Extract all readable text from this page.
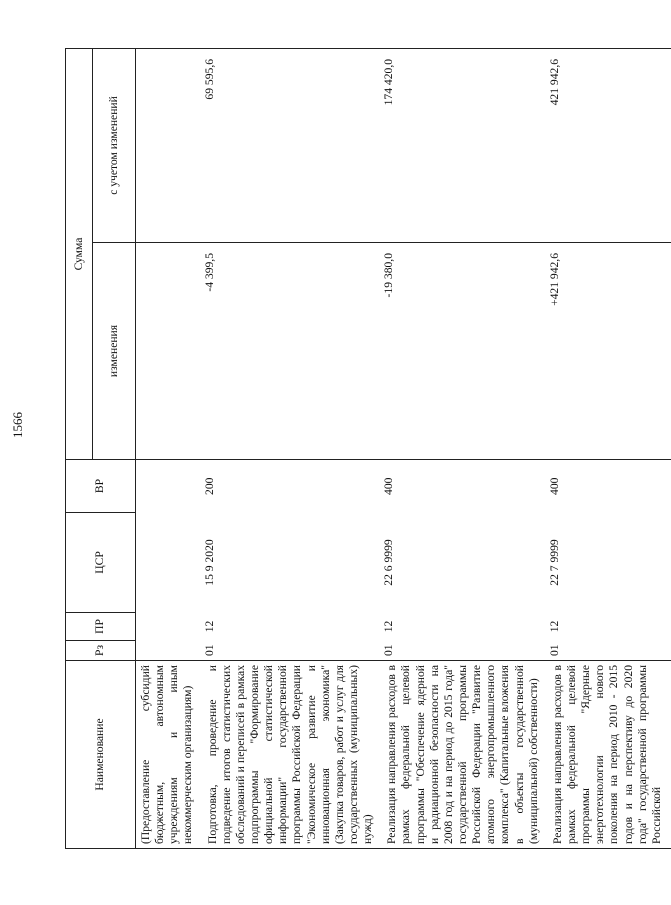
1566
Наименование	Рз	ПР	ЦСР	ВР	Сумма	
					изменения	с учетом изменений
(Предоставление субсидий бюджетным, автономным учреждениям и иным некоммерческим организациям)						
Подготовка, проведение и подведение итогов статистических обследований и переписей в рамках подпрограммы "Формирование официальной статистической информации" государственной программы Российской Федерации "Экономическое развитие и инновационная экономика" (Закупка товаров, работ и услуг для государственных (муниципальных) нужд)	01	12	15 9 2020	200	-4 399,5	69 595,6
Реализация направления расходов в рамках федеральной целевой программы "Обеспечение ядерной и радиационной безопасности на 2008 год и на период до 2015 года" государственной программы Российской Федерации "Развитие атомного энергопромышленного комплекса" (Капитальные вложения в объекты государственной (муниципальной) собственности)	01	12	22 6 9999	400	-19 380,0	174 420,0
Реализация направления расходов в рамках федеральной целевой программы "Ядерные энерготехнологии нового поколения на период 2010 - 2015 годов и на перспективу до 2020 года" государственной программы Российской	01	12	22 7 9999	400	+421 942,6	421 942,6
